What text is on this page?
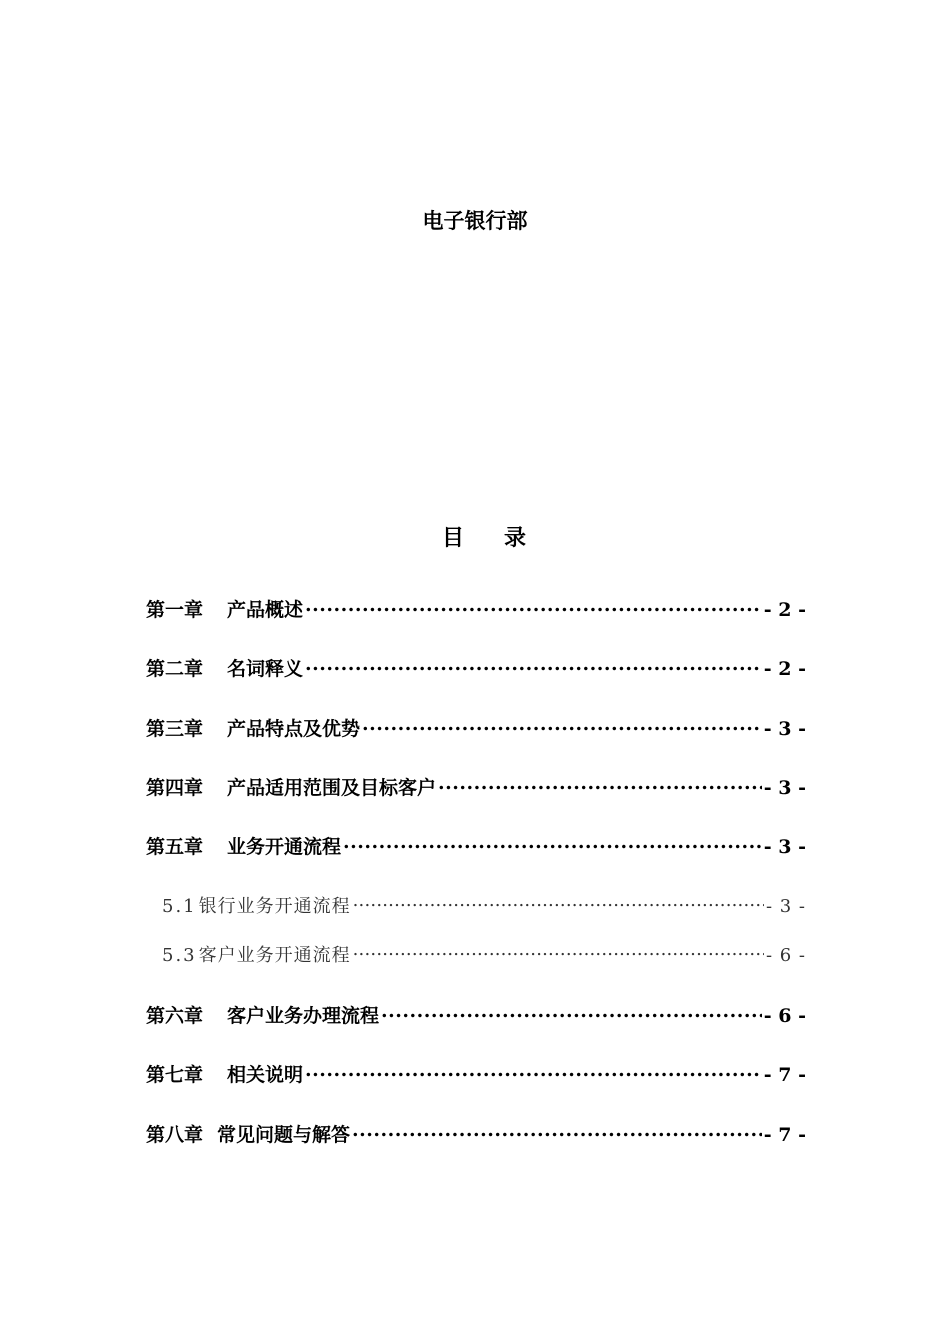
电子银行部
目 录
第一章 产品概述 .....	- 2 -
第二章 名词释义 .....	- 2 -
第三章 产品特点及优势 .....	- 3 -
第四章 产品适用范围及目标客户 .....	- 3 -
第五章 业务开通流程 .....	- 3 -
5.1 银行业务开通流程 .....	- 3 -
5.3 客户业务开通流程 .....	- 6 -
第六章 客户业务办理流程 .....	- 6 -
第七章 相关说明 .....	- 7 -
第八章 常见问题与解答 .....	- 7 -
